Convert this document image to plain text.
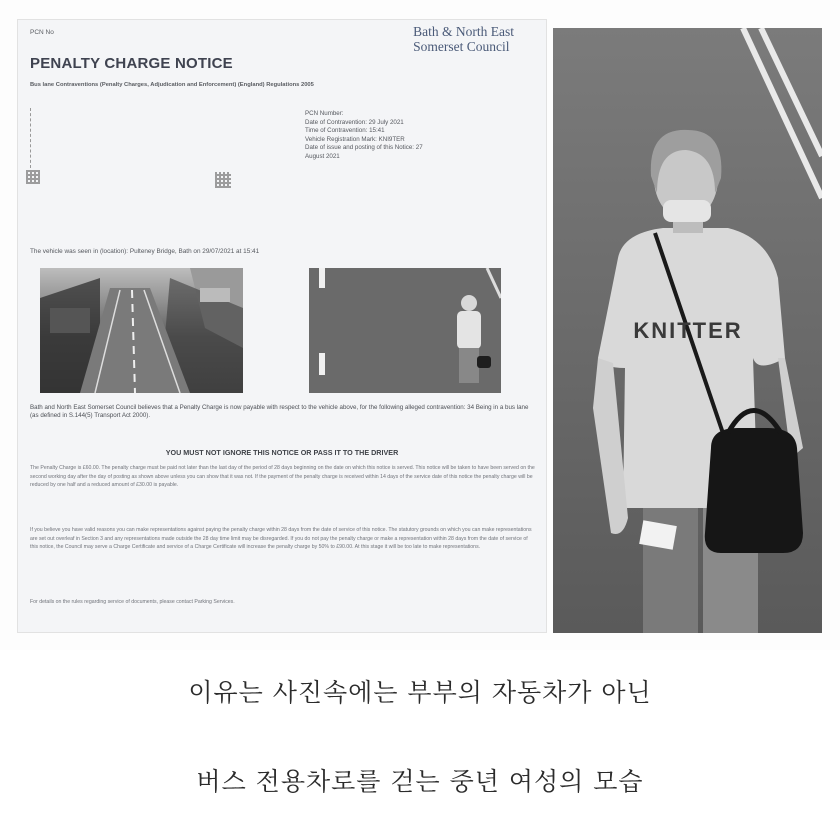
PCN No	Bath & North East
Somerset Council
PENALTY CHARGE NOTICE
Bus lane Contraventions (Penalty Charges, Adjudication and Enforcement) (England) Regulations 2005
PCN Number:
Date of Contravention: 29 July 2021
Time of Contravention: 15:41
Vehicle Registration Mark: KNI9TER
Date of issue and posting of this Notice: 27
August 2021
The vehicle was seen in (location): Pulteney Bridge, Bath on 29/07/2021 at 15:41
Bath and North East Somerset Council believes that a Penalty Charge is now payable with respect to the vehicle above, for the following alleged contravention: 34 Being in a bus lane (as defined in S.144(5) Transport Act 2000).
YOU MUST NOT IGNORE THIS NOTICE OR PASS IT TO THE DRIVER
The Penalty Charge is £60.00. The penalty charge must be paid not later than the last day of the period of 28 days beginning on the date on which this notice is served. This notice will be taken to have been served on the second working day after the day of posting as shown above unless you can show that it was not. If the payment of the penalty charge is received within 14 days of the service date of this notice the penalty charge will be reduced by one half and a reduced amount of £30.00 is payable.
If you believe you have valid reasons you can make representations against paying the penalty charge within 28 days from the date of service of this notice. The statutory grounds on which you can make representations are set out overleaf in Section 3 and any representations made outside the 28 day time limit may be disregarded. If you do not pay the penalty charge or make a representation within 28 days from the date of service of this notice, the Council may serve a Charge Certificate and service of a Charge Certificate will increase the penalty charge by 50% to £90.00. At this stage it will be too late to make representations.
For details on the rules regarding service of documents, please contact Parking Services.
KNITTER
이유는 사진속에는 부부의 자동차가 아닌
버스 전용차로를 걷는 중년 여성의 모습
